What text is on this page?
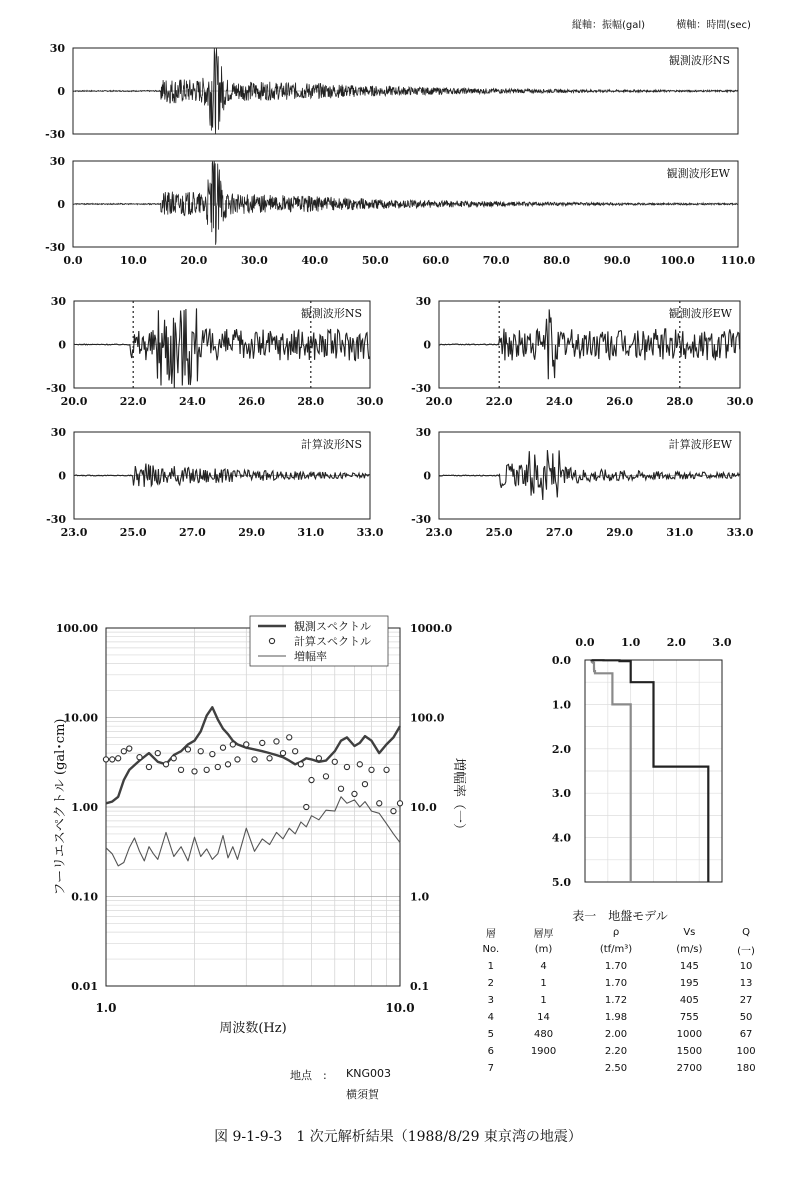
縦軸：振幅(gal)	横軸：時間(sec)
30
0
-30
観測波形NS
30
0
-30
0.0	10.0	20.0	30.0	40.0	50.0	60.0	70.0	80.0	90.0	100.0 110.0
観測波形EW
30
0
-30
20.0	22.0	24.0	26.0	28.0	30.0
観測波形NS
30
0
-30
20.0	22.0	24.0	26.0	28.0	30.0
観測波形EW
30
0
-30
23.0	25.0	27.0	29.0	31.0	33.0
計算波形NS
30
0
-30
23.0	25.0	27.0	29.0	31.0	33.0
計算波形EW
100.00
10.00
1.00
0.10
0.01
1000.0
100.0
10.0
1.0
0.1
1.0	10.0
周波数(Hz)
フーリエスペクトル (gal･cm)	増幅率（一）
観測スペクトル
計算スペクトル
増幅率
0.0 1.0 2.0 3.0
0.0
1.0
2.0
3.0
4.0
5.0
表一　地盤モデル				
層	層厚	ρ	Vs	Q
No.	(m)	(tf/m³)	(m/s)	(一)
1	4	1.70	145	10
2	1	1.70	195	13
3	1	1.72	405	27
4	14	1.98	755	50
5	480	2.00	1000	67
6	1900	2.20	1500	100
7		2.50	2700	180
地点　: KNG003
横須賀
図 9-1-9-3　1 次元解析結果（1988/8/29 東京湾の地震）
